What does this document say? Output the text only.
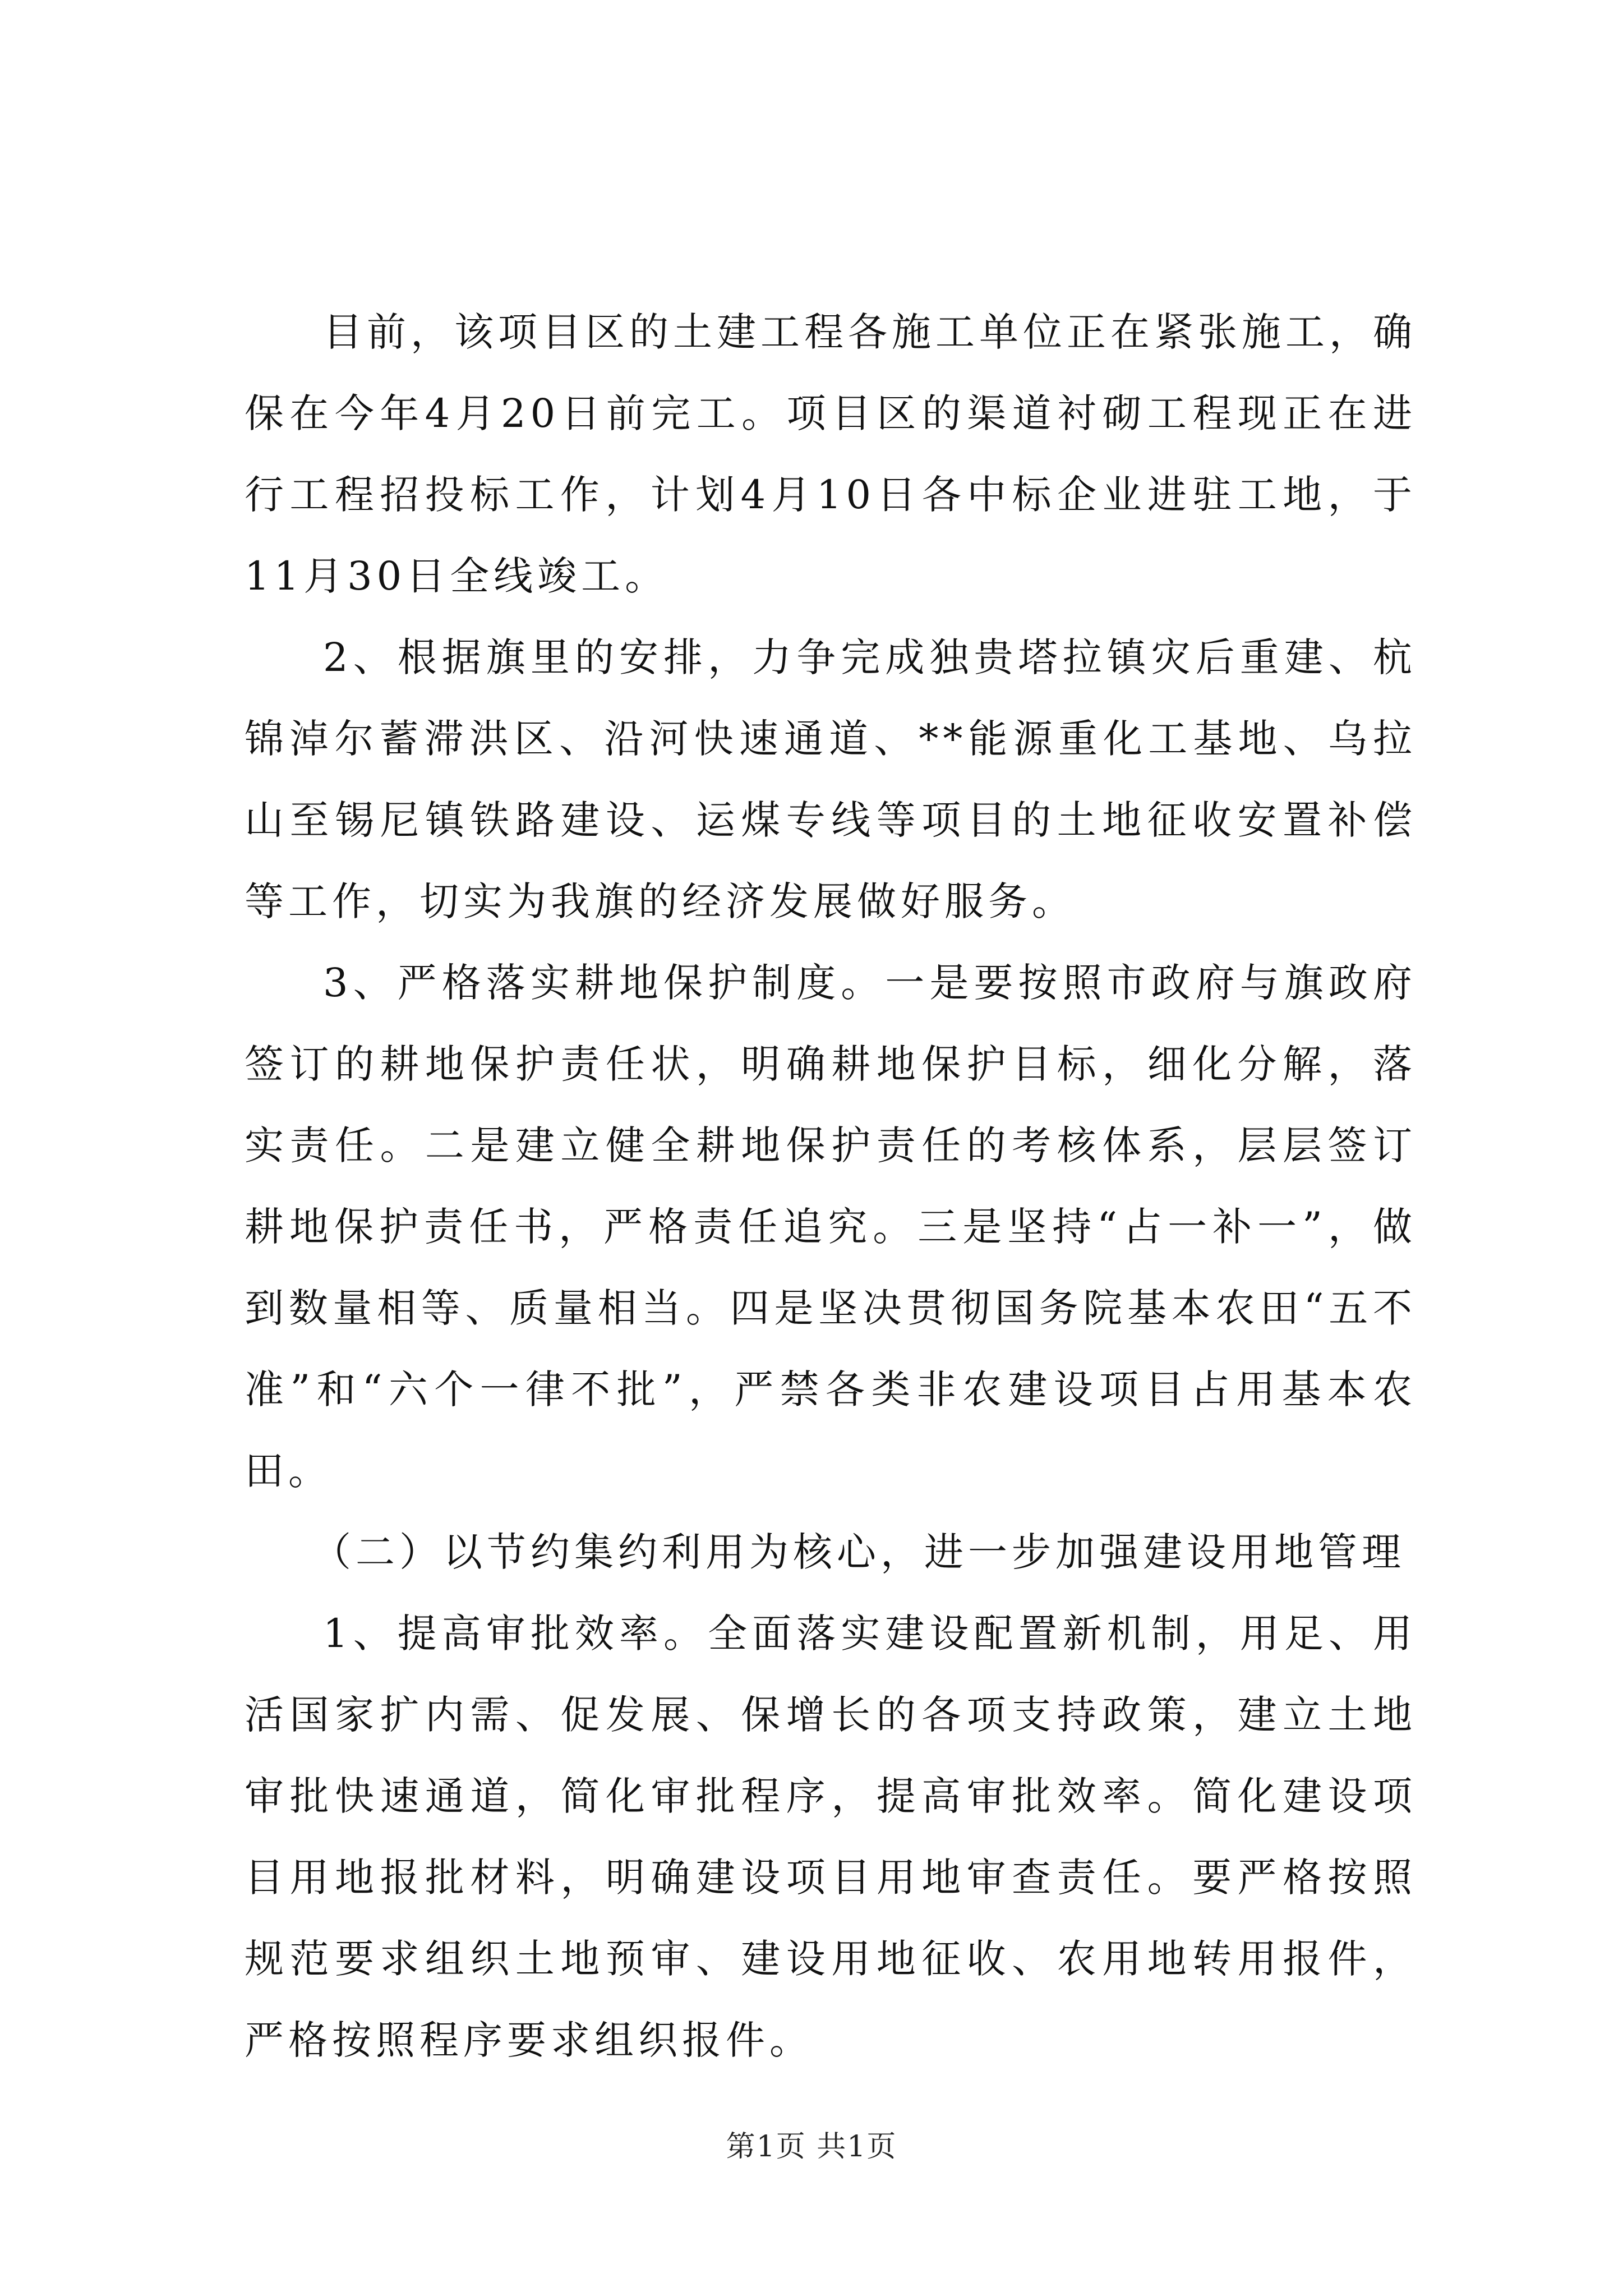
目前，该项目区的土建工程各施工单位正在紧张施工，确保在今年4月20日前完工。项目区的渠道衬砌工程现正在进行工程招投标工作，计划4月10日各中标企业进驻工地，于11月30日全线竣工。

2、根据旗里的安排，力争完成独贵塔拉镇灾后重建、杭锦淖尔蓄滞洪区、沿河快速通道、**能源重化工基地、乌拉山至锡尼镇铁路建设、运煤专线等项目的土地征收安置补偿等工作，切实为我旗的经济发展做好服务。

3、严格落实耕地保护制度。一是要按照市政府与旗政府签订的耕地保护责任状，明确耕地保护目标，细化分解，落实责任。二是建立健全耕地保护责任的考核体系，层层签订耕地保护责任书，严格责任追究。三是坚持“占一补一”，做到数量相等、质量相当。四是坚决贯彻国务院基本农田“五不准”和“六个一律不批”，严禁各类非农建设项目占用基本农田。

（二）以节约集约利用为核心，进一步加强建设用地管理

1、提高审批效率。全面落实建设配置新机制，用足、用活国家扩内需、促发展、保增长的各项支持政策，建立土地审批快速通道，简化审批程序，提高审批效率。简化建设项目用地报批材料，明确建设项目用地审查责任。要严格按照规范要求组织土地预审、建设用地征收、农用地转用报件，严格按照程序要求组织报件。

第1页 共1页
